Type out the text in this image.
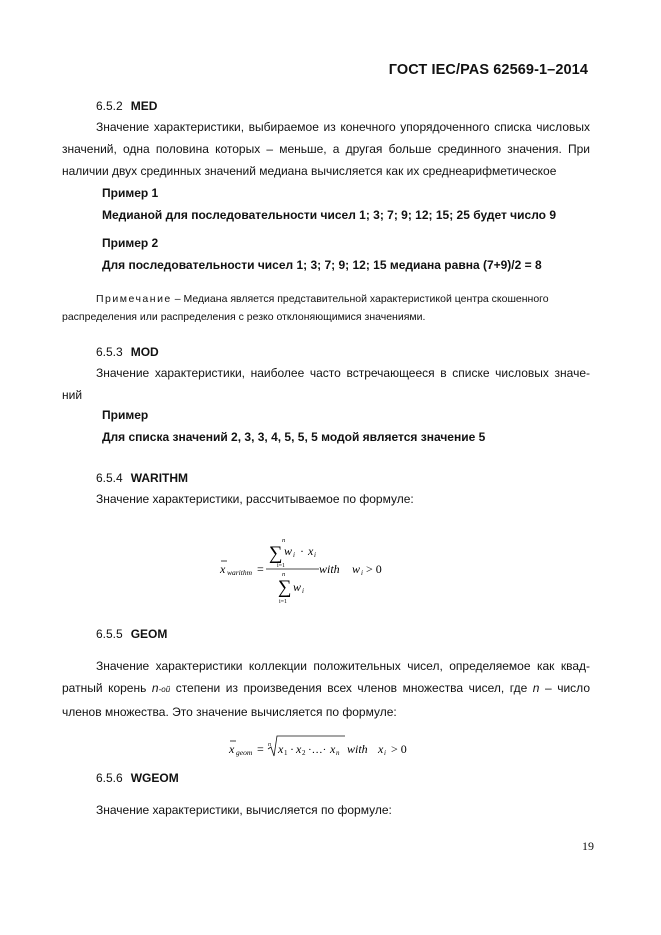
ГОСТ IEC/PAS 62569-1–2014
6.5.2 MED
Значение характеристики, выбираемое из конечного упорядоченного списка числовых
значений, одна половина которых – меньше, а другая больше срединного значения. При
наличии двух срединных значений медиана вычисляется как их среднеарифметическое
Пример 1
Медианой для последовательности чисел 1; 3; 7; 9; 12; 15; 25 будет число 9
Пример 2
Для последовательности чисел 1; 3; 7; 9; 12; 15 медиана равна (7+9)/2 = 8
Примечание – Медиана является представительной характеристикой центра скошенного
распределения или распределения с резко отклоняющимися значениями.
6.5.3 MOD
Значение характеристики, наиболее часто встречающееся в списке числовых значе-
ний
Пример
Для списка значений 2, 3, 3, 4, 5, 5, 5 модой является значение 5
6.5.4 WARITHM
Значение характеристики, рассчитываемое по формуле:
x warithm =
n
∑
i=1
w i · x i
n
∑
i=1
w i
with w i > 0
6.5.5 GEOM
Значение характеристики коллекции положительных чисел, определяемое как квад-
ратный корень n-ой степени из произведения всех членов множества чисел, где n – число
членов множества. Это значение вычисляется по формуле:
x geom = n x 1 · x 2 ·…· x n with x i > 0
6.5.6 WGEOM
Значение характеристики, вычисляется по формуле:
19
